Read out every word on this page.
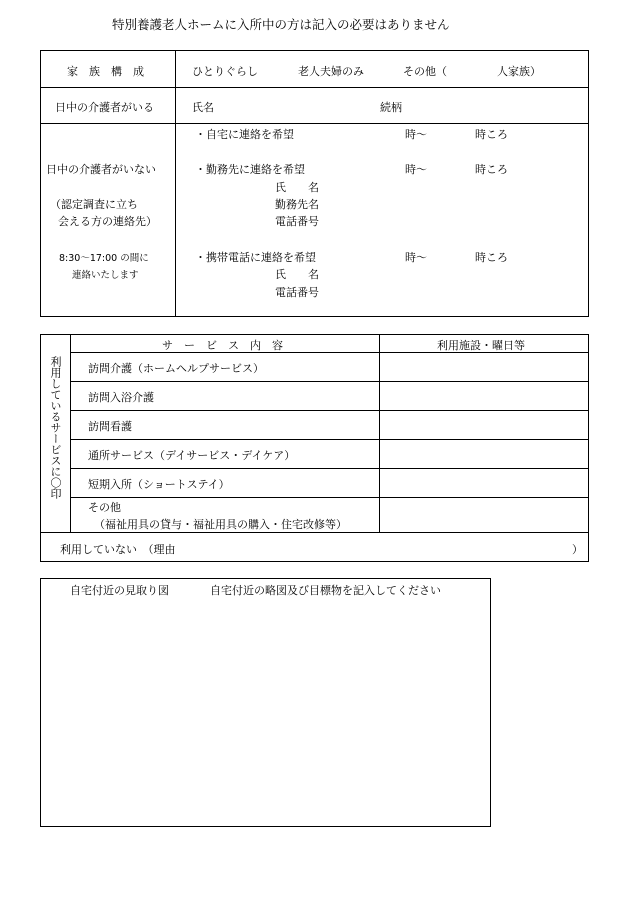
特別養護老人ホームに入所中の方は記入の必要はありません
家　族　構　成	ひとりぐらし	老人夫婦のみ	その他（	人家族）
日中の介護者がいる	氏名	続柄
日中の介護者がいない
（認定調査に立ち
会える方の連絡先）
8:30～17:00 の間に
連絡いたします
・自宅に連絡を希望	時～	時ころ
・勤務先に連絡を希望	時～	時ころ
氏　　名
勤務先名
電話番号
・携帯電話に連絡を希望	時～	時ころ
氏　　名
電話番号
利用しているサービスに〇印
サ　ー　ビ　ス　内　容	利用施設・曜日等
訪問介護（ホームヘルプサービス）
訪問入浴介護
訪問看護
通所サービス（デイサービス・デイケア）
短期入所（ショートステイ）
その他
（福祉用具の貸与・福祉用具の購入・住宅改修等）
利用していない　（理由	）
自宅付近の見取り図	自宅付近の略図及び目標物を記入してください
